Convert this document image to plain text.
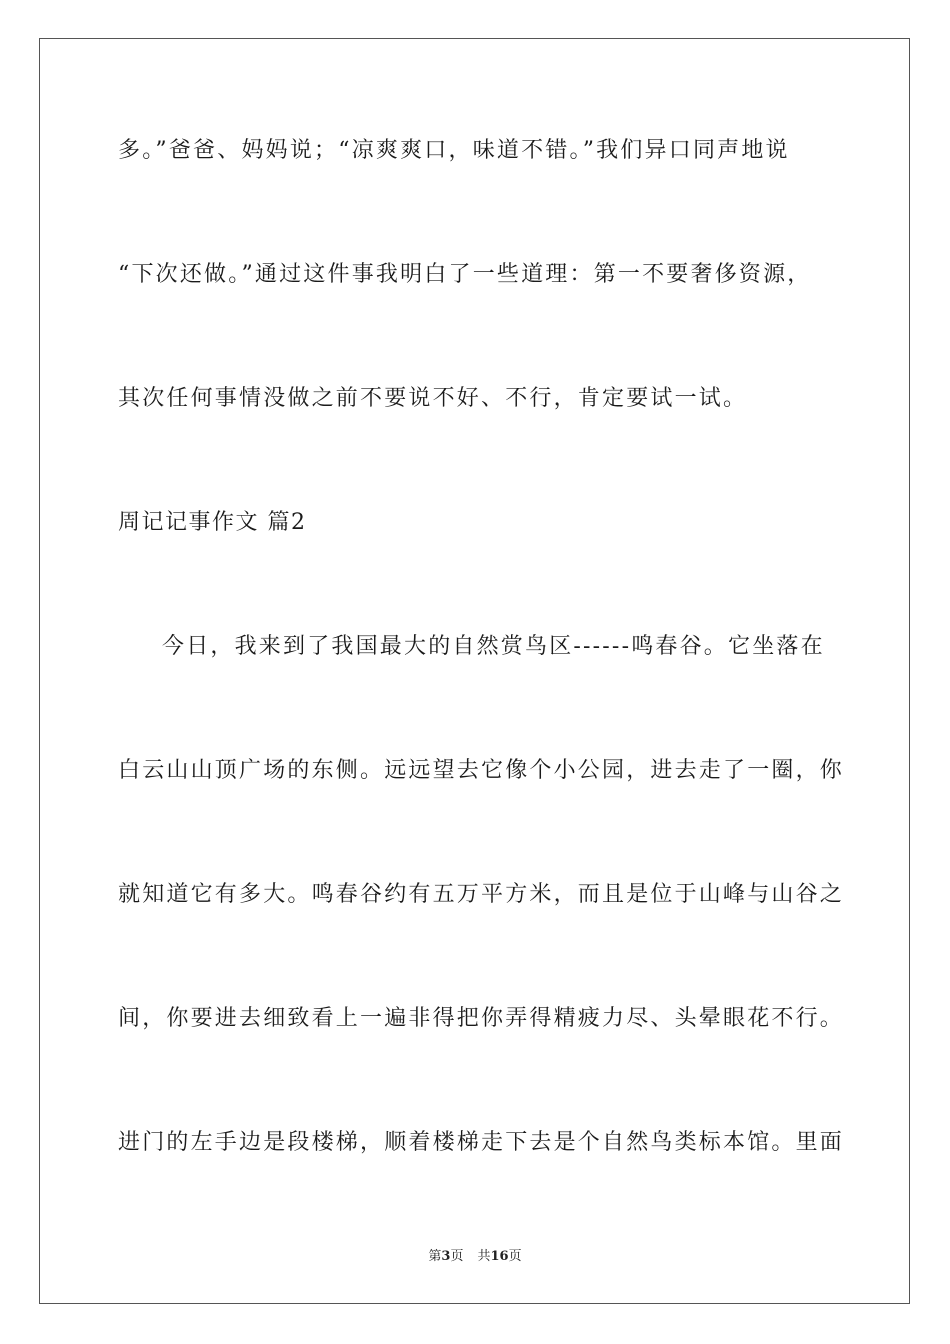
多。”爸爸、妈妈说；“凉爽爽口，味道不错。”我们异口同声地说
“下次还做。”通过这件事我明白了一些道理：第一不要奢侈资源，
其次任何事情没做之前不要说不好、不行，肯定要试一试。
周记记事作文 篇2
今日，我来到了我国最大的自然赏鸟区------鸣春谷。它坐落在
白云山山顶广场的东侧。远远望去它像个小公园，进去走了一圈，你
就知道它有多大。鸣春谷约有五万平方米，而且是位于山峰与山谷之
间，你要进去细致看上一遍非得把你弄得精疲力尽、头晕眼花不行。
进门的左手边是段楼梯，顺着楼梯走下去是个自然鸟类标本馆。里面
第3页 共16页
